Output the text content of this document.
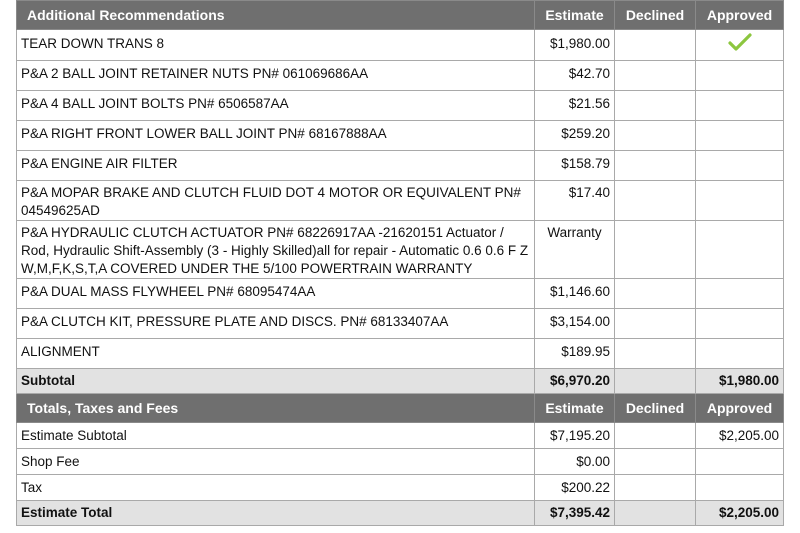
Additional Recommendations	Estimate	Declined	Approved
TEAR DOWN TRANS 8	$1,980.00		

P&A 2 BALL JOINT RETAINER NUTS PN# 061069686AA	$42.70		
P&A 4 BALL JOINT BOLTS PN# 6506587AA	$21.56		
P&A RIGHT FRONT LOWER BALL JOINT PN# 68167888AA	$259.20		
P&A ENGINE AIR FILTER	$158.79		
P&A MOPAR BRAKE AND CLUTCH FLUID DOT 4 MOTOR OR EQUIVALENT PN# 04549625AD	$17.40		
P&A HYDRAULIC CLUTCH ACTUATOR PN# 68226917AA -21620151 Actuator / Rod, Hydraulic Shift-Assembly (3 - Highly Skilled)all for repair - Automatic 0.6 0.6 F Z W,M,F,K,S,T,A COVERED UNDER THE 5/100 POWERTRAIN WARRANTY	Warranty		
P&A DUAL MASS FLYWHEEL PN# 68095474AA	$1,146.60		
P&A CLUTCH KIT, PRESSURE PLATE AND DISCS. PN# 68133407AA	$3,154.00		
ALIGNMENT	$189.95		
Subtotal	$6,970.20		$1,980.00
Totals, Taxes and Fees	Estimate	Declined	Approved
Estimate Subtotal	$7,195.20		$2,205.00
Shop Fee	$0.00		
Tax	$200.22		
Estimate Total	$7,395.42		$2,205.00
